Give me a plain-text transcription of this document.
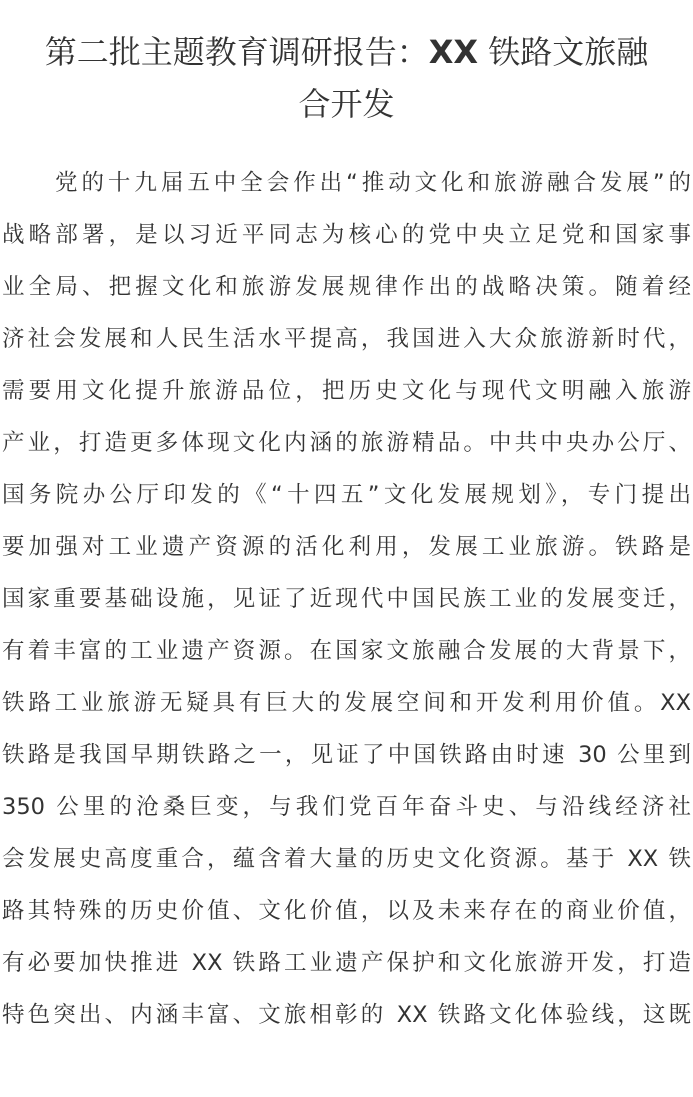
第二批主题教育调研报告：XX 铁路文旅融
合开发
党的十九届五中全会作出“推动文化和旅游融合发展”的
战略部署，是以习近平同志为核心的党中央立足党和国家事
业全局、把握文化和旅游发展规律作出的战略决策。随着经
济社会发展和人民生活水平提高，我国进入大众旅游新时代，
需要用文化提升旅游品位，把历史文化与现代文明融入旅游
产业，打造更多体现文化内涵的旅游精品。中共中央办公厅、
国务院办公厅印发的《“十四五”文化发展规划》，专门提出
要加强对工业遗产资源的活化利用，发展工业旅游。铁路是
国家重要基础设施，见证了近现代中国民族工业的发展变迁，
有着丰富的工业遗产资源。在国家文旅融合发展的大背景下，
铁路工业旅游无疑具有巨大的发展空间和开发利用价值。XX
铁路是我国早期铁路之一，见证了中国铁路由时速 30 公里到
350 公里的沧桑巨变，与我们党百年奋斗史、与沿线经济社
会发展史高度重合，蕴含着大量的历史文化资源。基于 XX 铁
路其特殊的历史价值、文化价值，以及未来存在的商业价值，
有必要加快推进 XX 铁路工业遗产保护和文化旅游开发，打造
特色突出、内涵丰富、文旅相彰的 XX 铁路文化体验线，这既
